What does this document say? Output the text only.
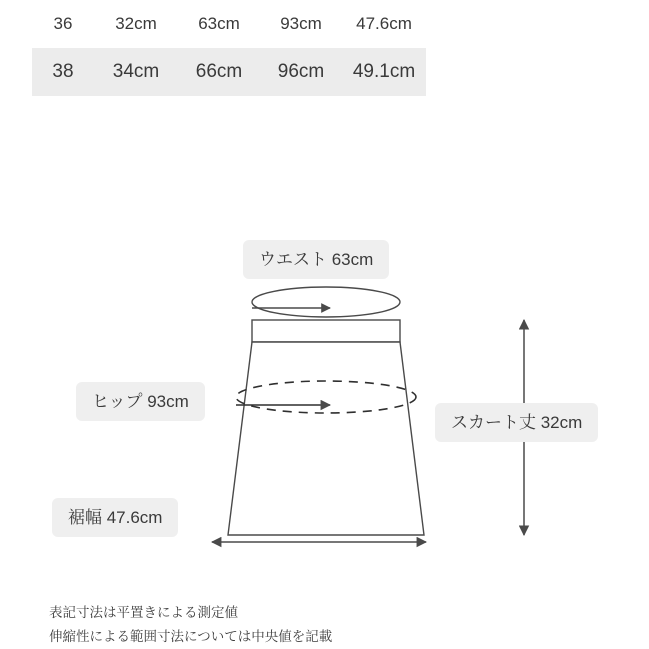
36	32cm	63cm	93cm	47.6cm
38	34cm	66cm	96cm	49.1cm
ウエスト 63cm
ヒップ 93cm
スカート丈 32cm
裾幅 47.6cm
表記寸法は平置きによる測定値
伸縮性による範囲寸法については中央値を記載
